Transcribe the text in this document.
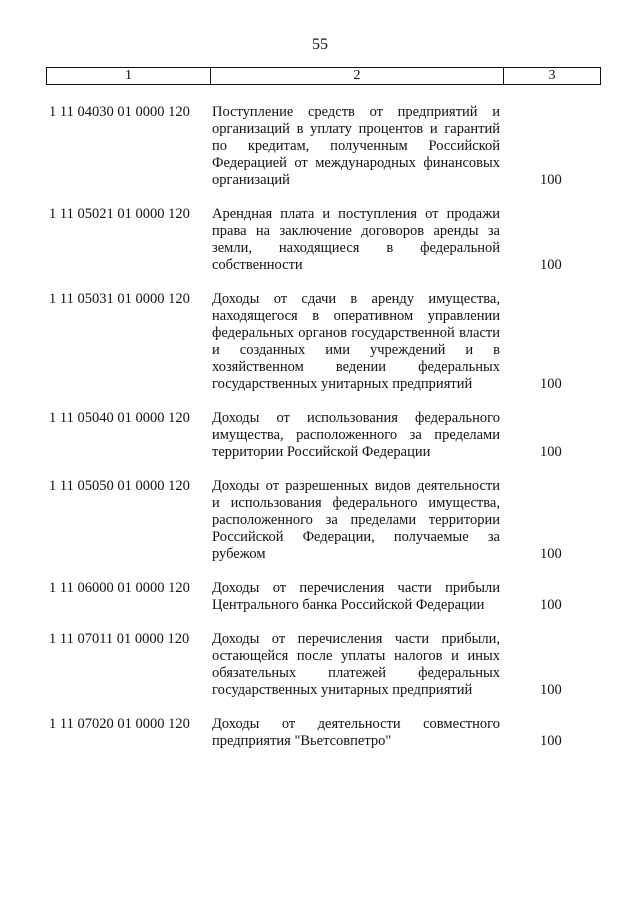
55
1	2	3
1 11 04030 01 0000 120 Поступление средств от предприятий и организаций в уплату процентов и гарантий по кредитам, полученным Российской Федерацией от международных финансовых организаций	100
1 11 05021 01 0000 120 Арендная плата и поступления от продажи права на заключение договоров аренды за земли, находящиеся в федеральной собственности	100
1 11 05031 01 0000 120 Доходы от сдачи в аренду имущества, находящегося в оперативном управлении федеральных органов государственной власти и созданных ими учреждений и в хозяйственном ведении федеральных государственных унитарных предприятий	100
1 11 05040 01 0000 120 Доходы от использования федерального имущества, расположенного за пределами территории Российской Федерации	100
1 11 05050 01 0000 120 Доходы от разрешенных видов деятельности и использования федерального имущества, расположенного за пределами территории Российской Федерации, получаемые за рубежом	100
1 11 06000 01 0000 120 Доходы от перечисления части прибыли Центрального банка Российской Федерации	100
1 11 07011 01 0000 120 Доходы от перечисления части прибыли, остающейся после уплаты налогов и иных обязательных платежей федеральных государственных унитарных предприятий	100
1 11 07020 01 0000 120 Доходы от деятельности совместного предприятия "Вьетсовпетро"	100
